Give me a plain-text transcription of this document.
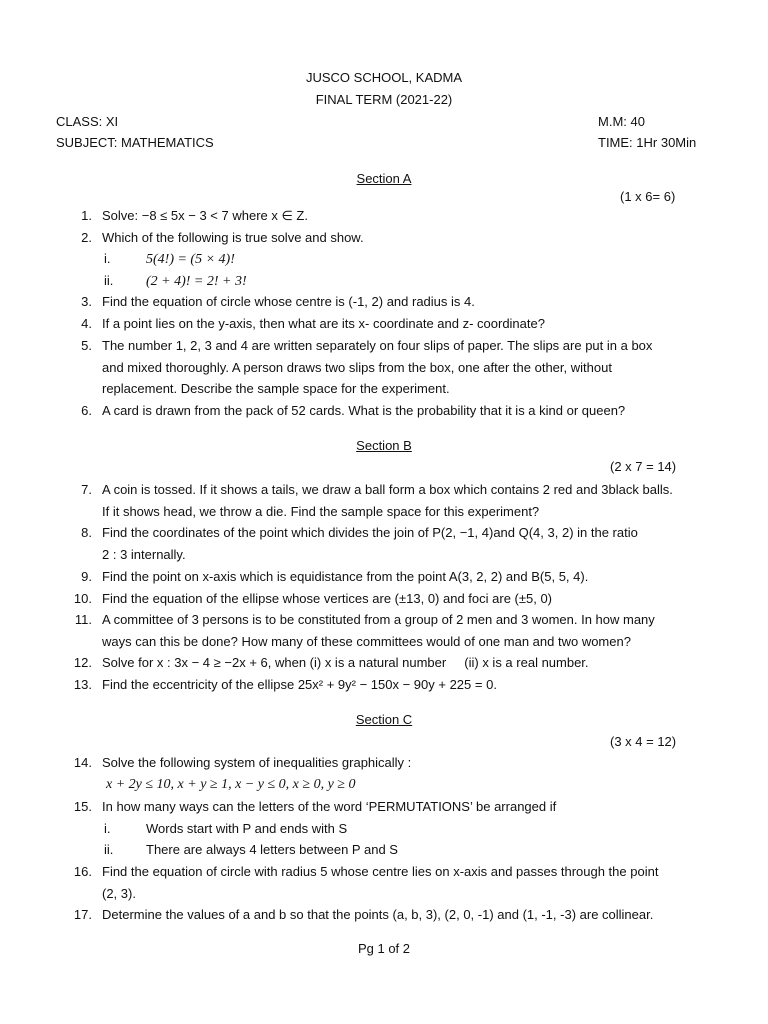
JUSCO SCHOOL, KADMA
FINAL TERM (2021-22)
CLASS: XI	M.M: 40
SUBJECT: MATHEMATICS	TIME: 1Hr 30Min
Section A
(1 x 6= 6)
1. Solve: −8 ≤ 5x − 3 < 7 where x ∈ Z.
2. Which of the following is true solve and show.
i.	5(4!) = (5 × 4)!
ii. (2 + 4)! = 2! + 3!
3. Find the equation of circle whose centre is (-1, 2) and radius is 4.
4. If a point lies on the y-axis, then what are its x- coordinate and z- coordinate?
5. The number 1, 2, 3 and 4 are written separately on four slips of paper. The slips are put in a box
and mixed thoroughly. A person draws two slips from the box, one after the other, without
replacement. Describe the sample space for the experiment.
6. A card is drawn from the pack of 52 cards. What is the probability that it is a kind or queen?
Section B
(2 x 7 = 14)
7. A coin is tossed. If it shows a tails, we draw a ball form a box which contains 2 red and 3black balls.
If it shows head, we throw a die. Find the sample space for this experiment?
8. Find the coordinates of the point which divides the join of P(2, −1, 4)and Q(4, 3, 2) in the ratio
2 : 3 internally.
9. Find the point on x-axis which is equidistance from the point A(3, 2, 2) and B(5, 5, 4).
10. Find the equation of the ellipse whose vertices are (±13, 0) and foci are (±5, 0)
11. A committee of 3 persons is to be constituted from a group of 2 men and 3 women. In how many
ways can this be done? How many of these committees would of one man and two women?
12. Solve for x : 3x − 4 ≥ −2x + 6, when (i) x is a natural number     (ii) x is a real number.
13. Find the eccentricity of the ellipse 25x² + 9y² − 150x − 90y + 225 = 0.
Section C
(3 x 4 = 12)
14. Solve the following system of inequalities graphically :
x + 2y ≤ 10, x + y ≥ 1, x − y ≤ 0, x ≥ 0, y ≥ 0
15. In how many ways can the letters of the word ‘PERMUTATIONS’ be arranged if
i.	Words start with P and ends with S
ii.	There are always 4 letters between P and S
16. Find the equation of circle with radius 5 whose centre lies on x-axis and passes through the point
(2, 3).
17. Determine the values of a and b so that the points (a, b, 3), (2, 0, -1) and (1, -1, -3) are collinear.
Pg 1 of 2
